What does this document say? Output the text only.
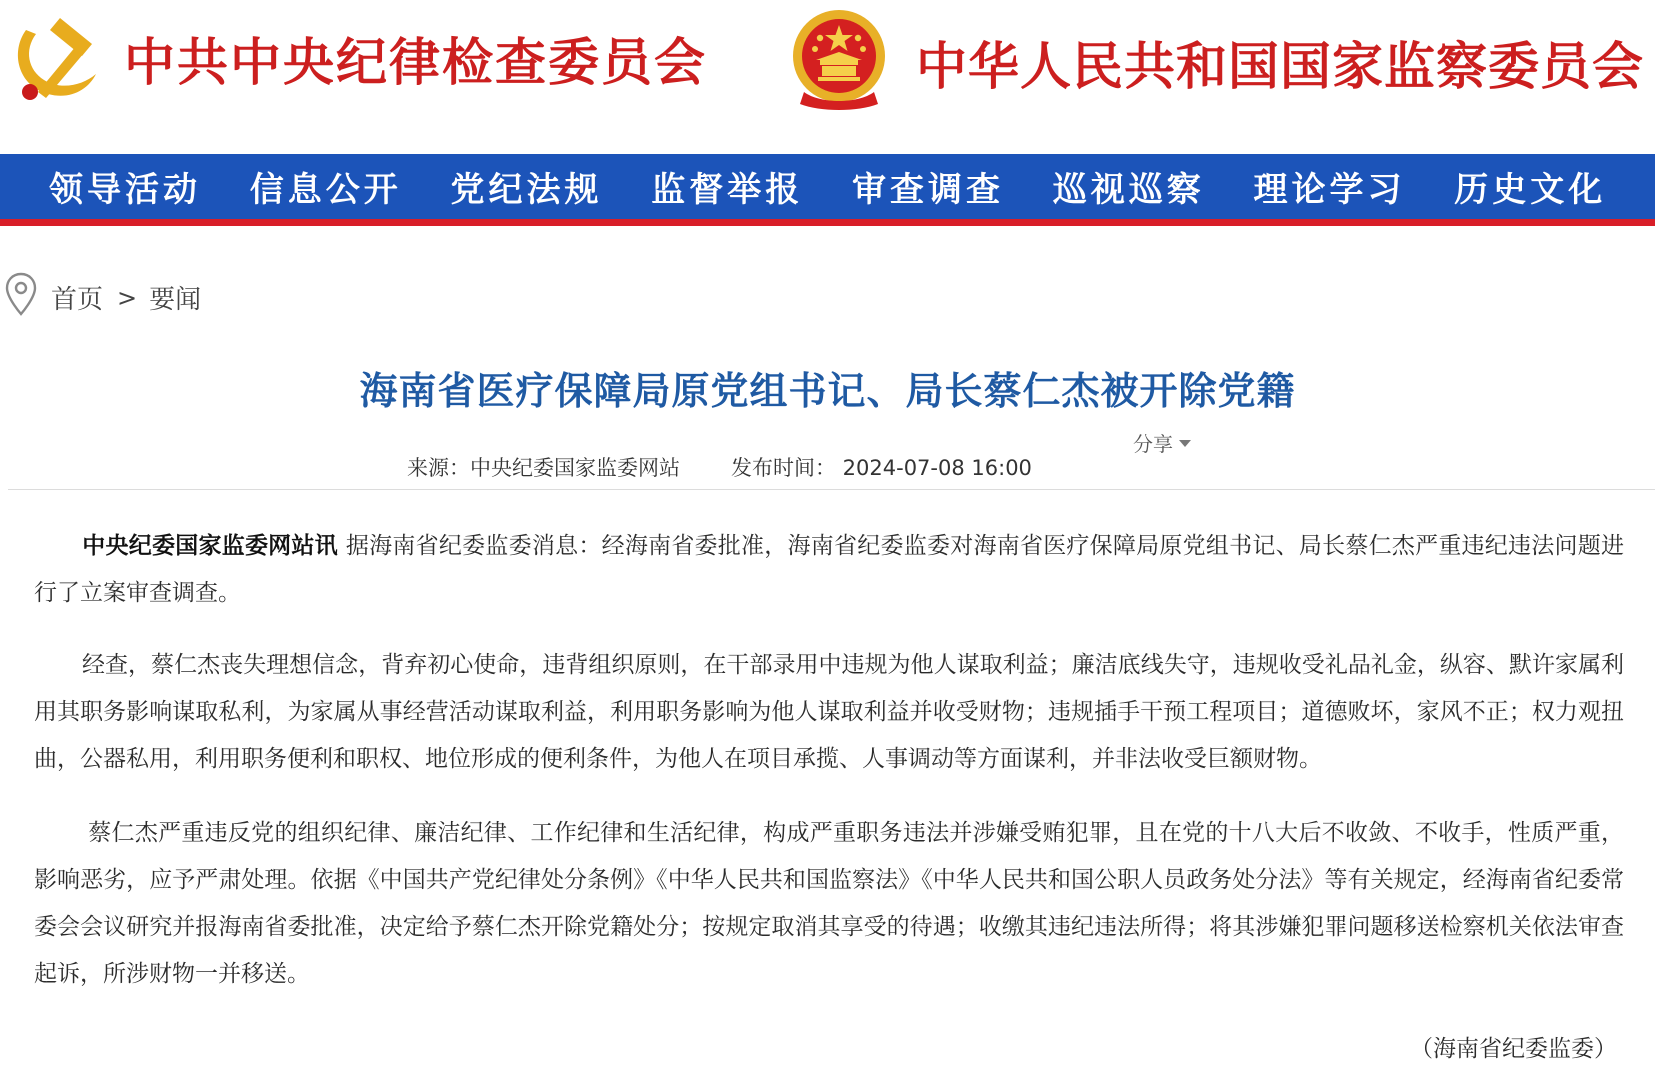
中共中央纪律检查委员会	中华人民共和国国家监察委员会
领导活动	信息公开	党纪法规	监督举报	审查调查	巡视巡察	理论学习	历史文化
首页 > 要闻
海南省医疗保障局原党组书记、局长蔡仁杰被开除党籍
分享
来源：中央纪委国家监委网站 发布时间： 2024-07-08 16:00

中央纪委国家监委网站讯 据海南省纪委监委消息：经海南省委批准，海南省纪委监委对海南省医疗保障局原党组书记、局长蔡仁杰严重违纪违法问题进行了立案审查调查。

经查，蔡仁杰丧失理想信念，背弃初心使命，违背组织原则，在干部录用中违规为他人谋取利益；廉洁底线失守，违规收受礼品礼金，纵容、默许家属利用其职务影响谋取私利，为家属从事经营活动谋取利益，利用职务影响为他人谋取利益并收受财物；违规插手干预工程项目；道德败坏，家风不正；权力观扭曲，公器私用，利用职务便利和职权、地位形成的便利条件，为他人在项目承揽、人事调动等方面谋利，并非法收受巨额财物。

蔡仁杰严重违反党的组织纪律、廉洁纪律、工作纪律和生活纪律，构成严重职务违法并涉嫌受贿犯罪，且在党的十八大后不收敛、不收手，性质严重，影响恶劣，应予严肃处理。依据《中国共产党纪律处分条例》《中华人民共和国监察法》《中华人民共和国公职人员政务处分法》等有关规定，经海南省纪委常委会会议研究并报海南省委批准，决定给予蔡仁杰开除党籍处分；按规定取消其享受的待遇；收缴其违纪违法所得；将其涉嫌犯罪问题移送检察机关依法审查起诉，所涉财物一并移送。

（海南省纪委监委）
